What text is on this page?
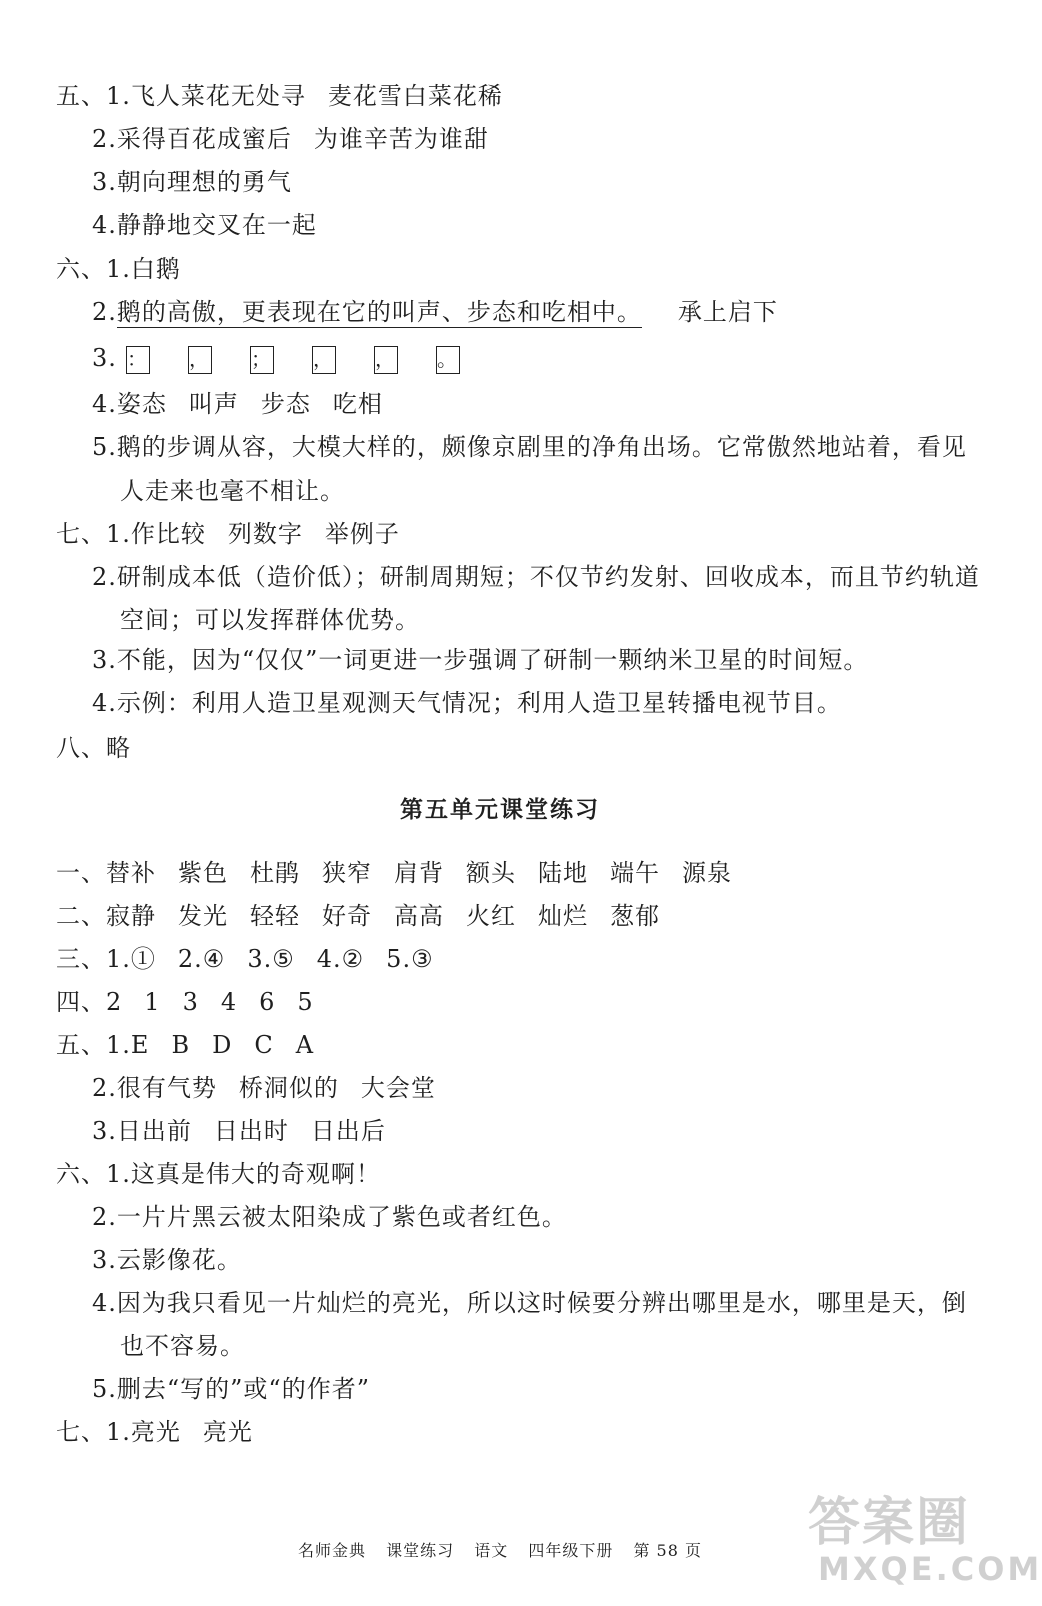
五、1.飞人菜花无处寻 麦花雪白菜花稀
2.采得百花成蜜后 为谁辛苦为谁甜
3.朝向理想的勇气
4.静静地交叉在一起
六、1.白鹅
2.鹅的高傲，更表现在它的叫声、步态和吃相中。 承上启下
3. ： ， ； ， ， 。
4.姿态 叫声 步态 吃相
5.鹅的步调从容，大模大样的，颇像京剧里的净角出场。它常傲然地站着，看见
人走来也毫不相让。
七、1.作比较 列数字 举例子
2.研制成本低（造价低）；研制周期短；不仅节约发射、回收成本，而且节约轨道
空间；可以发挥群体优势。
3.不能，因为“仅仅”一词更进一步强调了研制一颗纳米卫星的时间短。
4.示例：利用人造卫星观测天气情况；利用人造卫星转播电视节目。
八、略
第五单元课堂练习
一、替补 紫色 杜鹃 狭窄 肩背 额头 陆地 端午 源泉
二、寂静 发光 轻轻 好奇 高高 火红 灿烂 葱郁
三、1.① 2.④ 3.⑤ 4.② 5.③
四、2 1 3 4 6 5
五、1.E B D C A
2.很有气势 桥洞似的 大会堂
3.日出前 日出时 日出后
六、1.这真是伟大的奇观啊！
2.一片片黑云被太阳染成了紫色或者红色。
3.云影像花。
4.因为我只看见一片灿烂的亮光，所以这时候要分辨出哪里是水，哪里是天，倒
也不容易。
5.删去“写的”或“的作者”
七、1.亮光 亮光
名师金典 课堂练习 语文 四年级下册 第 58 页	答案圈
MXQE.COM
